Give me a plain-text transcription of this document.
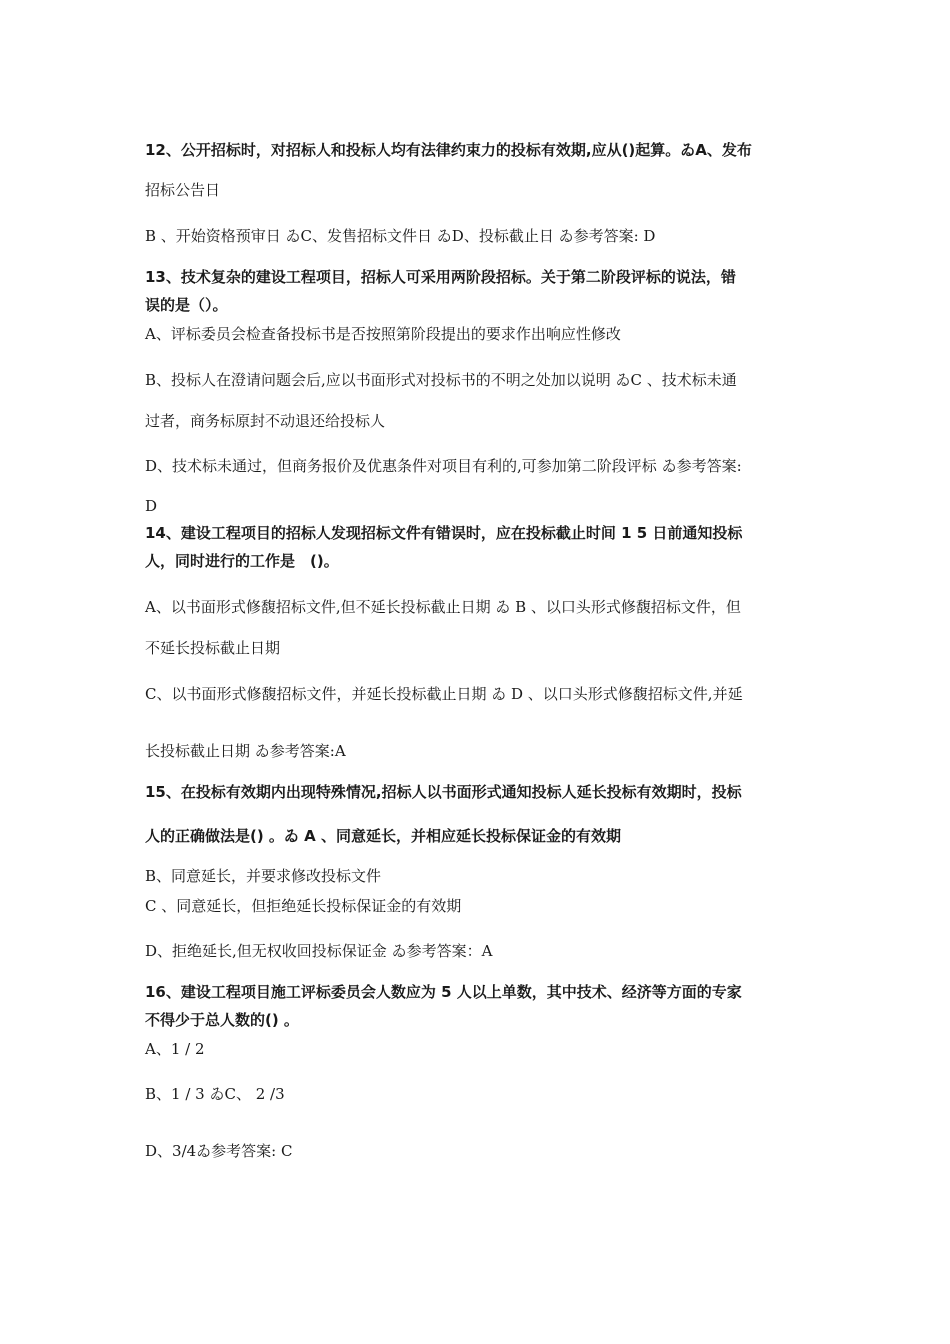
12、公开招标时，对招标人和投标人均有法律约束力的投标有效期,应从()起算。ゐA、发布
招标公告日
B 、开始资格预审日 ゐC、发售招标文件日 ゐD、投标截止日 ゐ参考答案: D
13、技术复杂的建设工程项目，招标人可采用两阶段招标。关于第二阶段评标的说法，错
误的是（）。
A、评标委员会检查备投标书是否按照第阶段提出的要求作出响应性修改
B、投标人在澄请问题会后,应以书面形式对投标书的不明之处加以说明 ゐC 、技术标未通
过者，商务标原封不动退还给投标人
D、技术标未通过，但商务报价及优惠条件对项目有利的,可参加第二阶段评标 ゐ参考答案:
D
14、建设工程项目的招标人发现招标文件有错误时，应在投标截止时间 1 5 日前通知投标
人，同时进行的工作是　()。
A、以书面形式修馥招标文件,但不延长投标截止日期 ゐ B 、以口头形式修馥招标文件，但
不延长投标截止日期
C、以书面形式修馥招标文件，并延长投标截止日期 ゐ D 、以口头形式修馥招标文件,并延
长投标截止日期 ゐ参考答案:A
15、在投标有效期内出现特殊情况,招标人以书面形式通知投标人延长投标有效期时，投标
人的正确做法是() 。ゐ A 、同意延长，并相应延长投标保证金的有效期
B、同意延长，并要求修改投标文件
C 、同意延长，但拒绝延长投标保证金的有效期
D、拒绝延长,但无权收回投标保证金 ゐ参考答案：A
16、建设工程项目施工评标委员会人数应为 5 人以上单数，其中技术、经济等方面的专家
不得少于总人数的() 。
A、1 / 2
B、1 / 3 ゐC、 2 /3
D、3/4ゐ参考答案: C
